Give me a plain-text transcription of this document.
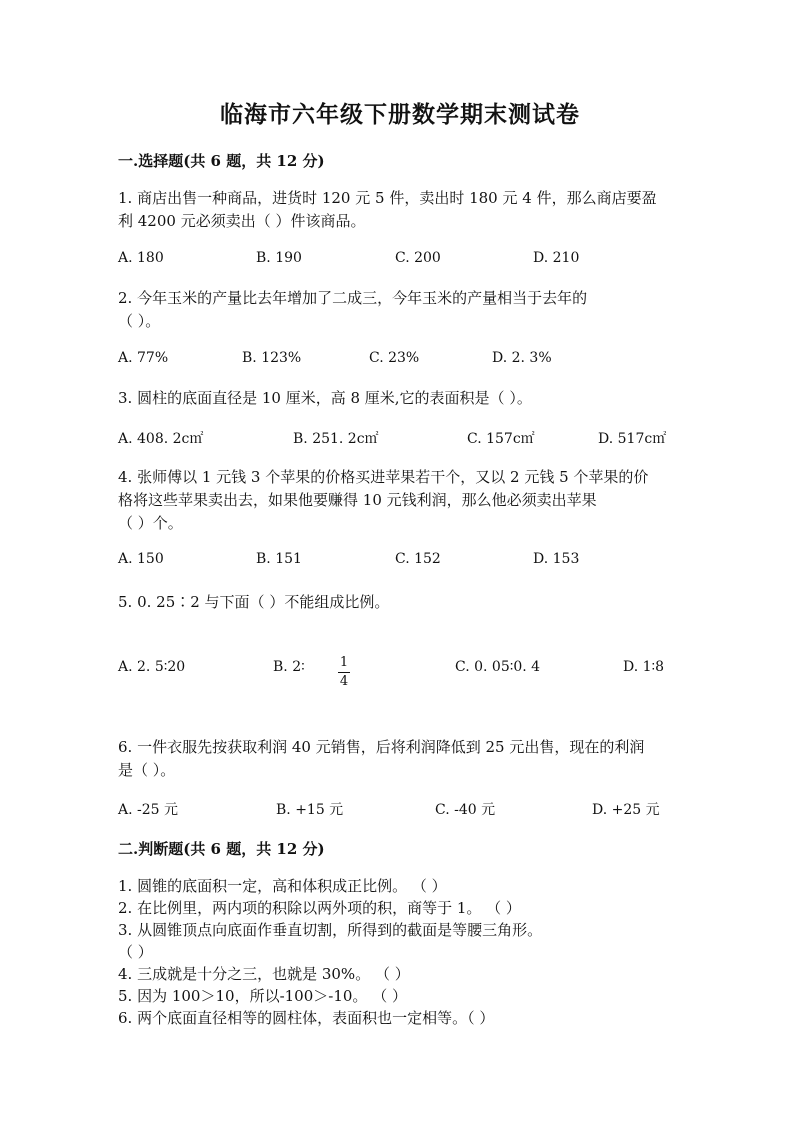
临海市六年级下册数学期末测试卷
一.选择题(共 6 题，共 12 分)
1. 商店出售一种商品，进货时 120 元 5 件，卖出时 180 元 4 件，那么商店要盈
利 4200 元必须卖出（ ）件该商品。
A. 180	B. 190	C. 200	D. 210
2. 今年玉米的产量比去年增加了二成三，今年玉米的产量相当于去年的
（ ）。
A. 77%	B. 123%	C. 23%	D. 2. 3%
3. 圆柱的底面直径是 10 厘米，高 8 厘米,它的表面积是（ ）。
A. 408. 2c㎡	B. 251. 2c㎡	C. 157c㎡	D. 517c㎡
4. 张师傅以 1 元钱 3 个苹果的价格买进苹果若干个，又以 2 元钱 5 个苹果的价
格将这些苹果卖出去，如果他要赚得 10 元钱利润，那么他必须卖出苹果
（ ）个。
A. 150	B. 151	C. 152	D. 153
5. 0. 25∶2 与下面（ ）不能组成比例。
A. 2. 5∶20	B. 2∶	$\frac{1}{4}$	C. 0. 05∶0. 4	D. 1∶8
6. 一件衣服先按获取利润 40 元销售，后将利润降低到 25 元出售，现在的利润
是（ ）。
A. -25 元	B. +15 元	C. -40 元	D. +25 元
二.判断题(共 6 题，共 12 分)
1. 圆锥的底面积一定，高和体积成正比例。 （ ）
2. 在比例里，两内项的积除以两外项的积，商等于 1。 （ ）
3. 从圆锥顶点向底面作垂直切割，所得到的截面是等腰三角形。
（ ）
4. 三成就是十分之三，也就是 30%。 （ ）
5. 因为 100＞10，所以-100＞-10。 （ ）
6. 两个底面直径相等的圆柱体，表面积也一定相等。（ ）
